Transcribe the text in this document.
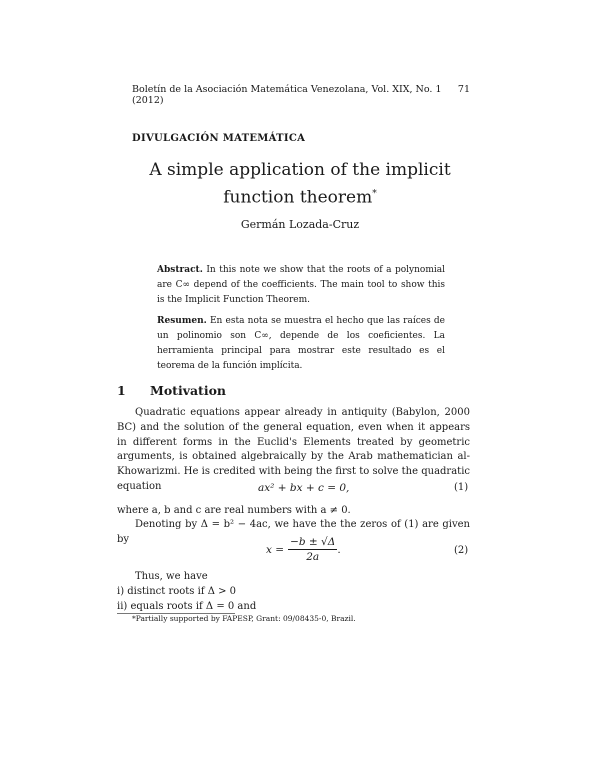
Boletín de la Asociación Matemática Venezolana, Vol. XIX, No. 1 (2012)
71
DIVULGACIÓN MATEMÁTICA
A simple application of the implicit function theorem*
Germán Lozada-Cruz
Abstract. In this note we show that the roots of a polynomial are C∞ depend of the coefficients. The main tool to show this is the Implicit Function Theorem.
Resumen. En esta nota se muestra el hecho que las raíces de un polinomio son C∞, depende de los coeficientes. La herramienta principal para mostrar este resultado es el teorema de la función implícita.
1 Motivation
Quadratic equations appear already in antiquity (Babylon, 2000 BC) and the solution of the general equation, even when it appears in different forms in the Euclid's Elements treated by geometric arguments, is obtained algebraically by the Arab mathematician al-Khowarizmi. He is credited with being the first to solve the quadratic equation	ax² + bx + c = 0,	(1)
where a, b and c are real numbers with a ≠ 0.
Denoting by Δ = b² − 4ac, we have the the zeros of (1) are given by
$x = \frac{-b \pm √\Delta}{2a}$ .	(2)
Thus, we have
i) distinct roots if Δ > 0
ii) equals roots if Δ = 0 and
*Partially supported by FAPESP, Grant: 09/08435-0, Brazil.
